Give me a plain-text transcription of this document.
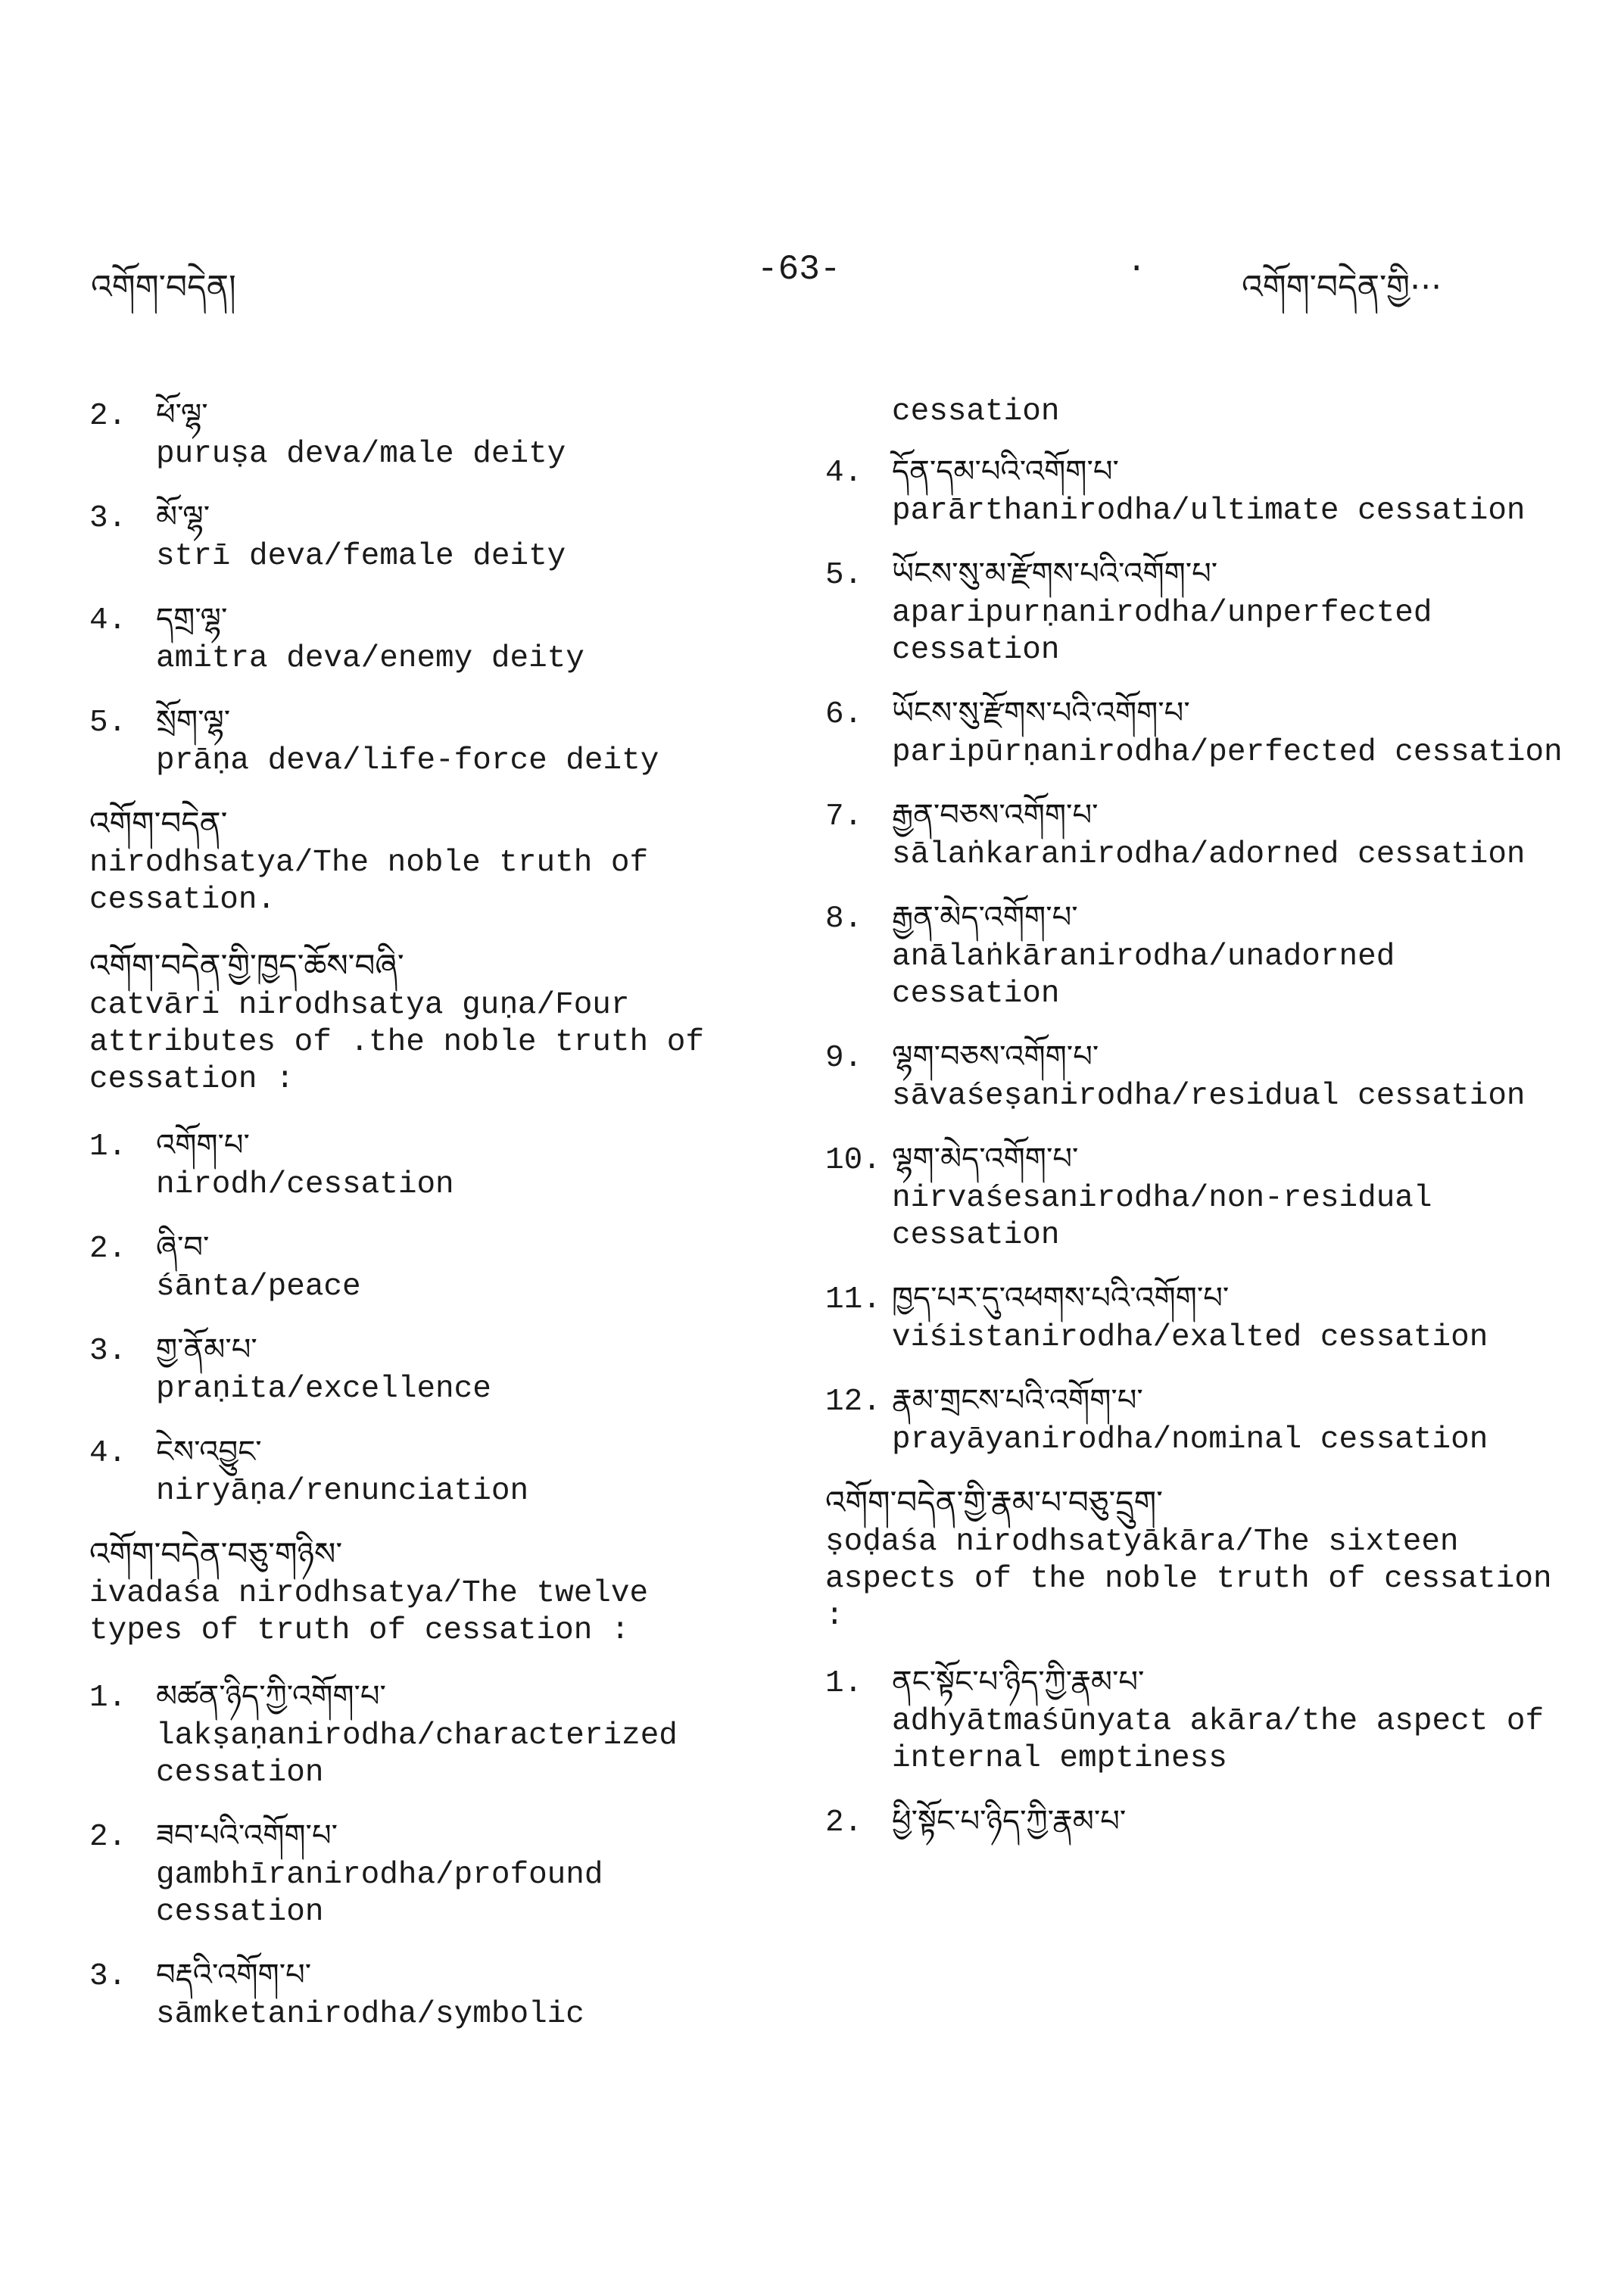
འགོག་བདེན།	-63-	·	འགོག་བདེན་གྱི···
2. ཕོ་ལྷ་
puruṣa deva/male deity
3. མོ་ལྷ་
strī deva/female deity
4. དགྲ་ལྷ་
amitra deva/enemy deity
5. སྲོག་ལྷ་
prāṇa deva/life-force deity
འགོག་བདེན་
nirodhsatya/The noble truth of cessation.
འགོག་བདེན་གྱི་ཁྱད་ཆོས་བཞི་
catvāri nirodhsatya guṇa/Four attributes of .the noble truth of cessation :
1. འགོག་པ་
nirodh/cessation
2. ཞི་བ་
śānta/peace
3. གྱ་ནོམ་པ་
praṇita/excellence
4. ངེས་འབྱུང་
niryāṇa/renunciation
འགོག་བདེན་བཅུ་གཉིས་
ivadaśa nirodhsatya/The twelve types of truth of cessation :
1. མཚན་ཉིད་ཀྱི་འགོག་པ་
lakṣaṇanirodha/characterized cessation
2. ཟབ་པའི་འགོག་པ་
gambhīranirodha/profound cessation
3. བརྡའི་འགོག་པ་
sāmketanirodha/symbolic
cessation
4. དོན་དམ་པའི་འགོག་པ་
parārthanirodha/ultimate cessation
5. ཡོངས་སུ་མ་རྫོགས་པའི་འགོག་པ་
aparipurṇanirodha/unperfected cessation
6. ཡོངས་སུ་རྫོགས་པའི་འགོག་པ་
paripūrṇanirodha/perfected cessation
7. རྒྱན་བཅས་འགོག་པ་
sālaṅkaranirodha/adorned cessation
8. རྒྱན་མེད་འགོག་པ་
anālaṅkāranirodha/unadorned cessation
9. ལྷག་བཅས་འགོག་པ་
sāvaśeṣanirodha/residual cessation
10. ལྷག་མེད་འགོག་པ་
nirvaśesanirodha/non-residual cessation
11. ཁྱད་པར་དུ་འཕགས་པའི་འགོག་པ་
viśistanirodha/exalted cessation
12. རྣམ་གྲངས་པའི་འགོག་པ་
prayāyanirodha/nominal cessation
འགོག་བདེན་གྱི་རྣམ་པ་བཅུ་དྲུག་
ṣoḍaśa nirodhsatyākāra/The sixteen aspects of the noble truth of cessation :
1. ནང་སྟོང་པ་ཉིད་ཀྱི་རྣམ་པ་
adhyātmaśūnyata akāra/the aspect of internal emptiness
2. ཕྱི་སྟོང་པ་ཉིད་ཀྱི་རྣམ་པ་
